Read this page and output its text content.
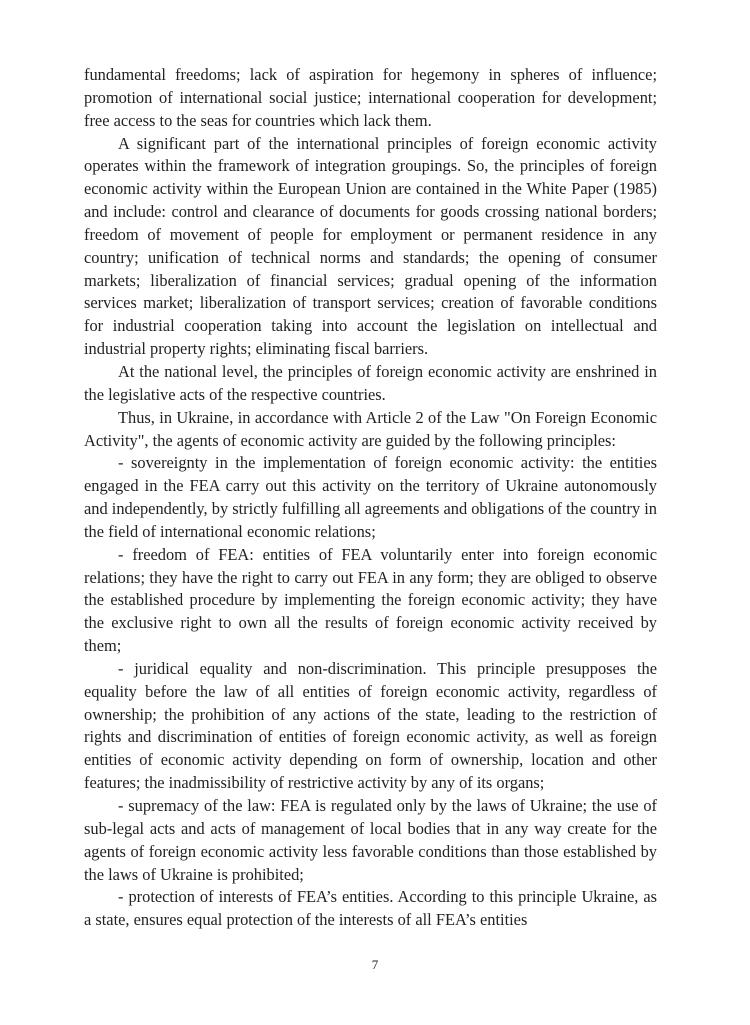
fundamental freedoms; lack of aspiration for hegemony in spheres of influence; promotion of international social justice; international cooperation for development; free access to the seas for countries which lack them.

A significant part of the international principles of foreign economic activity operates within the framework of integration groupings. So, the principles of foreign economic activity within the European Union are contained in the White Paper (1985) and include: control and clearance of documents for goods crossing national borders; freedom of movement of people for employment or permanent residence in any country; unification of technical norms and standards; the opening of consumer markets; liberalization of financial services; gradual opening of the information services market; liberalization of transport services; creation of favorable conditions for industrial cooperation taking into account the legislation on intellectual and industrial property rights; eliminating fiscal barriers.

At the national level, the principles of foreign economic activity are enshrined in the legislative acts of the respective countries.

Thus, in Ukraine, in accordance with Article 2 of the Law "On Foreign Economic Activity", the agents of economic activity are guided by the following principles:

- sovereignty in the implementation of foreign economic activity: the entities engaged in the FEA carry out this activity on the territory of Ukraine autonomously and independently, by strictly fulfilling all agreements and obligations of the country in the field of international economic relations;

- freedom of FEA: entities of FEA voluntarily enter into foreign economic relations; they have the right to carry out FEA in any form; they are obliged to observe the established procedure by implementing the foreign economic activity; they have the exclusive right to own all the results of foreign economic activity received by them;

- juridical equality and non-discrimination. This principle presupposes the equality before the law of all entities of foreign economic activity, regardless of ownership; the prohibition of any actions of the state, leading to the restriction of rights and discrimination of entities of foreign economic activity, as well as foreign entities of economic activity depending on form of ownership, location and other features; the inadmissibility of restrictive activity by any of its organs;

- supremacy of the law: FEA is regulated only by the laws of Ukraine; the use of sub-legal acts and acts of management of local bodies that in any way create for the agents of foreign economic activity less favorable conditions than those established by the laws of Ukraine is prohibited;

- protection of interests of FEA’s entities. According to this principle Ukraine, as a state, ensures equal protection of the interests of all FEA’s entities

7
